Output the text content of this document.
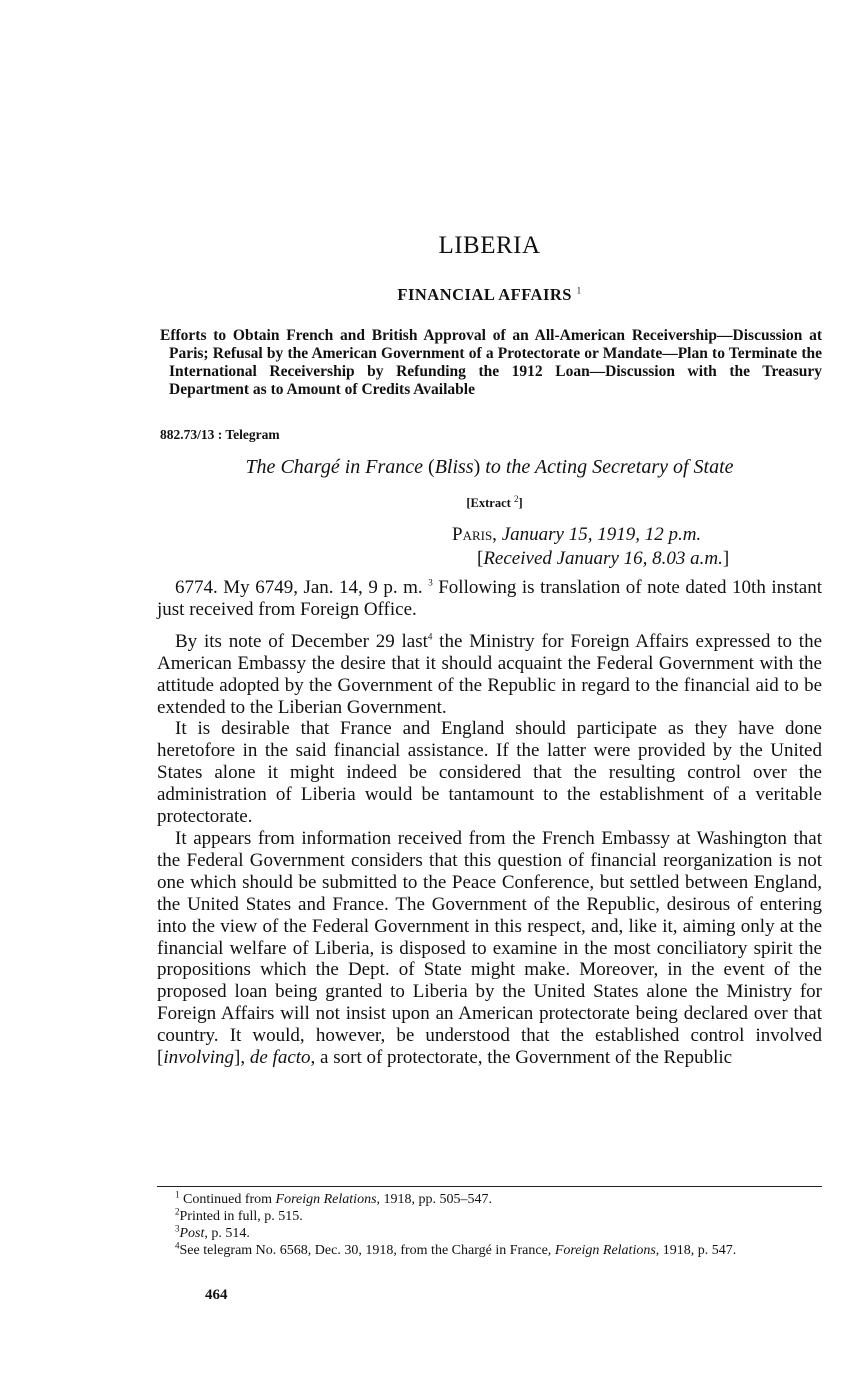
LIBERIA
FINANCIAL AFFAIRS $^1$
Efforts to Obtain French and British Approval of an All-American Receivership—Discussion at Paris; Refusal by the American Government of a Protectorate or Mandate—Plan to Terminate the International Receivership by Refunding the 1912 Loan—Discussion with the Treasury Department as to Amount of Credits Available
882.73/13 : Telegram
The Chargé in France (Bliss) to the Acting Secretary of State
[Extract $^2$]
Paris, January 15, 1919, 12 p.m.
[Received January 16, 8.03 a.m.]

6774. My 6749, Jan. 14, 9 p. m. $^3$ Following is translation of note dated 10th instant just received from Foreign Office.

By its note of December 29 last$^4$ the Ministry for Foreign Affairs expressed to the American Embassy the desire that it should acquaint the Federal Government with the attitude adopted by the Government of the Republic in regard to the financial aid to be extended to the Liberian Government.

It is desirable that France and England should participate as they have done heretofore in the said financial assistance. If the latter were provided by the United States alone it might indeed be considered that the resulting control over the administration of Liberia would be tantamount to the establishment of a veritable protectorate.

It appears from information received from the French Embassy at Washington that the Federal Government considers that this question of financial reorganization is not one which should be submitted to the Peace Conference, but settled between England, the United States and France. The Government of the Republic, desirous of entering into the view of the Federal Government in this respect, and, like it, aiming only at the financial welfare of Liberia, is disposed to examine in the most conciliatory spirit the propositions which the Dept. of State might make. Moreover, in the event of the proposed loan being granted to Liberia by the United States alone the Ministry for Foreign Affairs will not insist upon an American protectorate being declared over that country. It would, however, be understood that the established control involved [involving], de facto, a sort of protectorate, the Government of the Republic

$^1$ Continued from Foreign Relations, 1918, pp. 505–547.
$^2$Printed in full, p. 515.
$^3$Post, p. 514.
$^4$See telegram No. 6568, Dec. 30, 1918, from the Chargé in France, Foreign Relations, 1918, p. 547.
464
